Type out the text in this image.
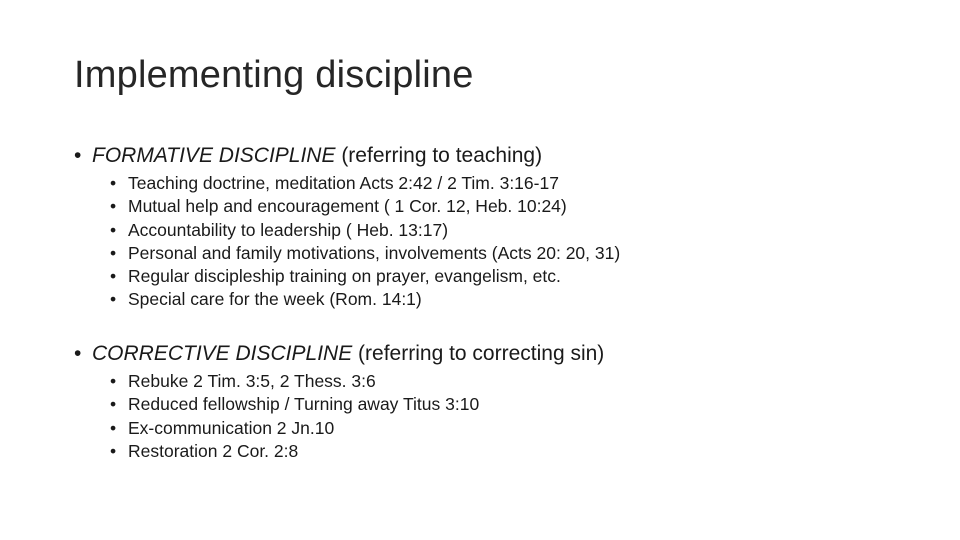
Implementing discipline
• FORMATIVE DISCIPLINE (referring to teaching)
• Teaching doctrine, meditation Acts 2:42 / 2 Tim. 3:16-17
• Mutual help and encouragement ( 1 Cor. 12, Heb. 10:24)
• Accountability to leadership ( Heb. 13:17)
• Personal and family motivations, involvements (Acts 20: 20, 31)
• Regular discipleship training on prayer, evangelism, etc.
• Special care for the week (Rom. 14:1)
• CORRECTIVE DISCIPLINE (referring to correcting sin)
• Rebuke 2 Tim. 3:5, 2 Thess. 3:6
• Reduced fellowship / Turning away Titus 3:10
• Ex-communication 2 Jn.10
• Restoration 2 Cor. 2:8
